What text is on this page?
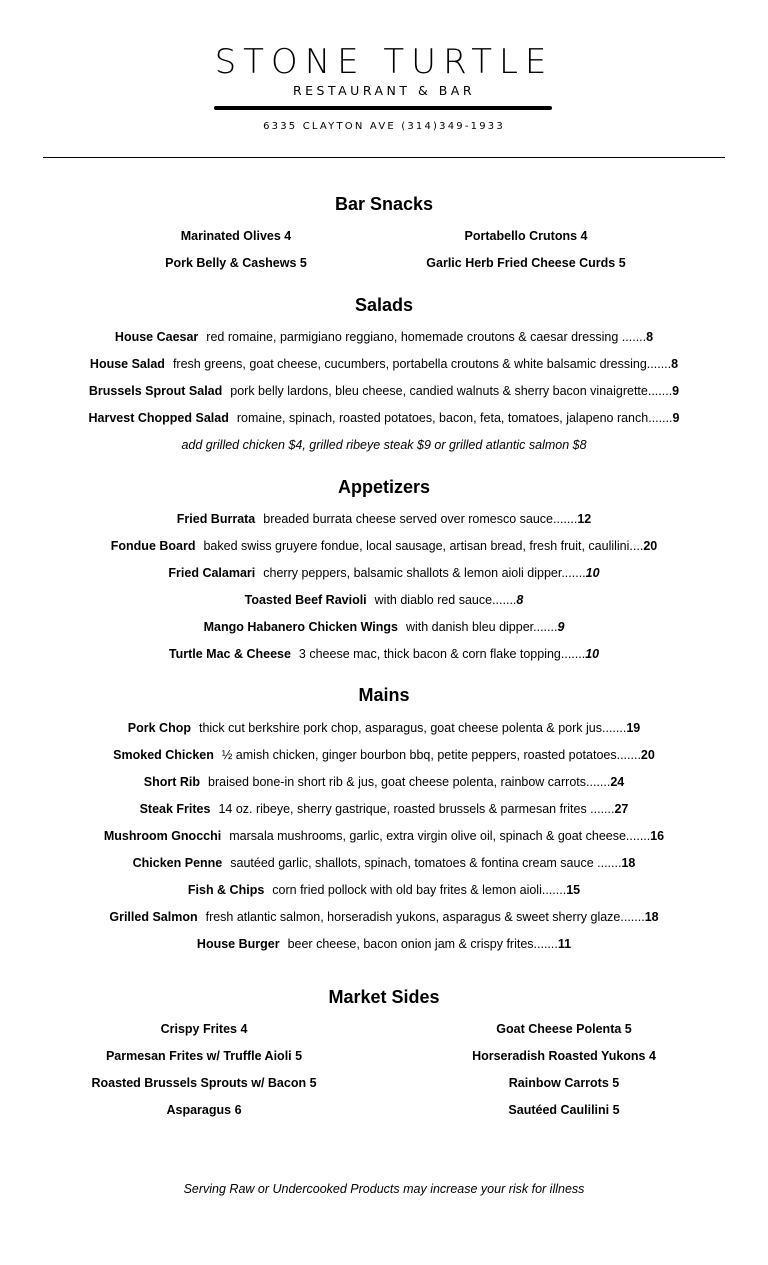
STONE TURTLE
RESTAURANT & BAR
6335 CLAYTON AVE (314)349-1933
Bar Snacks
Marinated Olives 4
Pork Belly & Cashews 5
Portabello Crutons 4
Garlic Herb Fried Cheese Curds 5
Salads
House Caesar red romaine, parmigiano reggiano, homemade croutons & caesar dressing .......8
House Salad fresh greens, goat cheese, cucumbers, portabella croutons & white balsamic dressing.......8
Brussels Sprout Salad pork belly lardons, bleu cheese, candied walnuts & sherry bacon vinaigrette.......9
Harvest Chopped Salad romaine, spinach, roasted potatoes, bacon, feta, tomatoes, jalapeno ranch.......9
add grilled chicken $4, grilled ribeye steak $9 or grilled atlantic salmon $8
Appetizers
Fried Burrata breaded burrata cheese served over romesco sauce.......12
Fondue Board baked swiss gruyere fondue, local sausage, artisan bread, fresh fruit, caulilini....20
Fried Calamari cherry peppers, balsamic shallots & lemon aioli dipper.......10
Toasted Beef Ravioli with diablo red sauce.......8
Mango Habanero Chicken Wings with danish bleu dipper.......9
Turtle Mac & Cheese 3 cheese mac, thick bacon & corn flake topping.......10
Mains
Pork Chop thick cut berkshire pork chop, asparagus, goat cheese polenta & pork jus.......19
Smoked Chicken ½ amish chicken, ginger bourbon bbq, petite peppers, roasted potatoes.......20
Short Rib braised bone-in short rib & jus, goat cheese polenta, rainbow carrots.......24
Steak Frites 14 oz. ribeye, sherry gastrique, roasted brussels & parmesan frites .......27
Mushroom Gnocchi marsala mushrooms, garlic, extra virgin olive oil, spinach & goat cheese.......16
Chicken Penne sautéed garlic, shallots, spinach, tomatoes & fontina cream sauce .......18
Fish & Chips corn fried pollock with old bay frites & lemon aioli.......15
Grilled Salmon fresh atlantic salmon, horseradish yukons, asparagus & sweet sherry glaze.......18
House Burger beer cheese, bacon onion jam & crispy frites.......11
Market Sides
Crispy Frites 4
Parmesan Frites w/ Truffle Aioli 5
Roasted Brussels Sprouts w/ Bacon 5
Asparagus 6
Goat Cheese Polenta 5
Horseradish Roasted Yukons 4
Rainbow Carrots 5
Sautéed Caulilini 5
Serving Raw or Undercooked Products may increase your risk for illness
